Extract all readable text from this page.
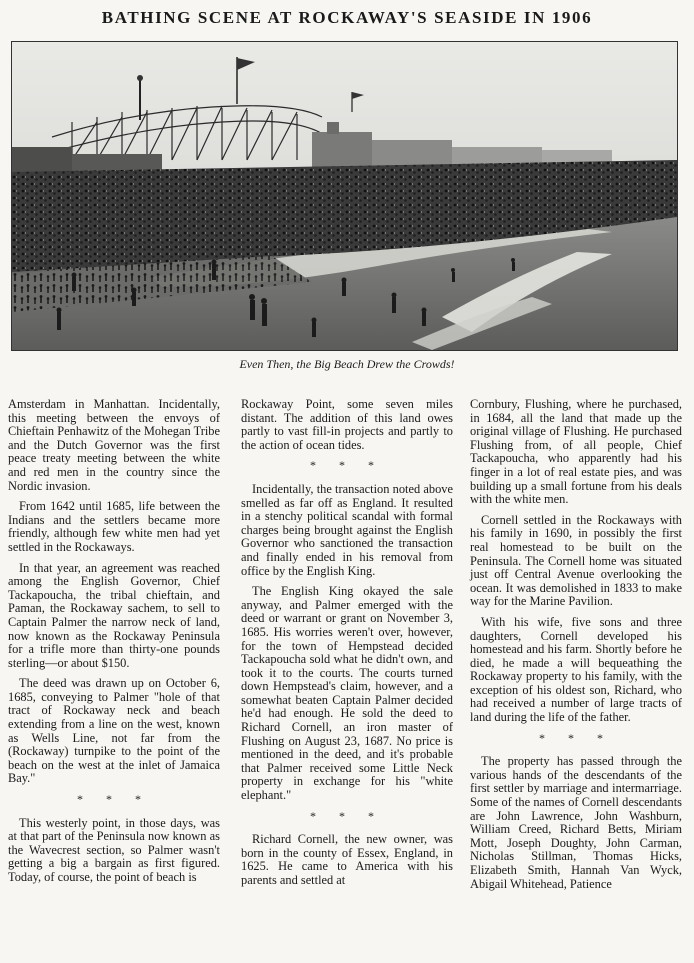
BATHING SCENE AT ROCKAWAY'S SEASIDE IN 1906
Even Then, the Big Beach Drew the Crowds!

Amsterdam in Manhattan. Incidentally, this meeting between the envoys of Chieftain Penhawitz of the Mohegan Tribe and the Dutch Governor was the first peace treaty meeting between the white and red men in the country since the Nordic invasion.

From 1642 until 1685, life between the Indians and the settlers became more friendly, although few white men had yet settled in the Rockaways.

In that year, an agreement was reached among the English Governor, Chief Tackapoucha, the tribal chieftain, and Paman, the Rockaway sachem, to sell to Captain Palmer the narrow neck of land, now known as the Rockaway Peninsula for a trifle more than thirty-one pounds sterling—or about $150.

The deed was drawn up on October 6, 1685, conveying to Palmer "hole of that tract of Rockaway neck and beach extending from a line on the west, known as Wells Line, not far from the (Rockaway) turnpike to the point of the beach on the west at the inlet of Jamaica Bay."

* * *

This westerly point, in those days, was at that part of the Peninsula now known as the Wavecrest section, so Palmer wasn't getting a big a bargain as first figured. Today, of course, the point of beach is

Rockaway Point, some seven miles distant. The addition of this land owes partly to vast fill-in projects and partly to the action of ocean tides.

* * *

Incidentally, the transaction noted above smelled as far off as England. It resulted in a stenchy political scandal with formal charges being brought against the English Governor who sanctioned the transaction and finally ended in his removal from office by the English King.

The English King okayed the sale anyway, and Palmer emerged with the deed or warrant or grant on November 3, 1685. His worries weren't over, however, for the town of Hempstead decided Tackapoucha sold what he didn't own, and took it to the courts. The courts turned down Hempstead's claim, however, and a somewhat beaten Captain Palmer decided he'd had enough. He sold the deed to Richard Cornell, an iron master of Flushing on August 23, 1687. No price is mentioned in the deed, and it's probable that Palmer received some Little Neck property in exchange for his "white elephant."

* * *

Richard Cornell, the new owner, was born in the county of Essex, England, in 1625. He came to America with his parents and settled at

Cornbury, Flushing, where he purchased, in 1684, all the land that made up the original village of Flushing. He purchased Flushing from, of all people, Chief Tackapoucha, who apparently had his finger in a lot of real estate pies, and was building up a small fortune from his deals with the white men.

Cornell settled in the Rockaways with his family in 1690, in possibly the first real homestead to be built on the Peninsula. The Cornell home was situated just off Central Avenue overlooking the ocean. It was demolished in 1833 to make way for the Marine Pavilion.

With his wife, five sons and three daughters, Cornell developed his homestead and his farm. Shortly before he died, he made a will bequeathing the Rockaway property to his family, with the exception of his oldest son, Richard, who had received a number of large tracts of land during the life of the father.

* * *

The property has passed through the various hands of the descendants of the first settler by marriage and intermarriage. Some of the names of Cornell descendants are John Lawrence, John Washburn, William Creed, Richard Betts, Miriam Mott, Joseph Doughty, John Carman, Nicholas Stillman, Thomas Hicks, Elizabeth Smith, Hannah Van Wyck, Abigail Whitehead, Patience
